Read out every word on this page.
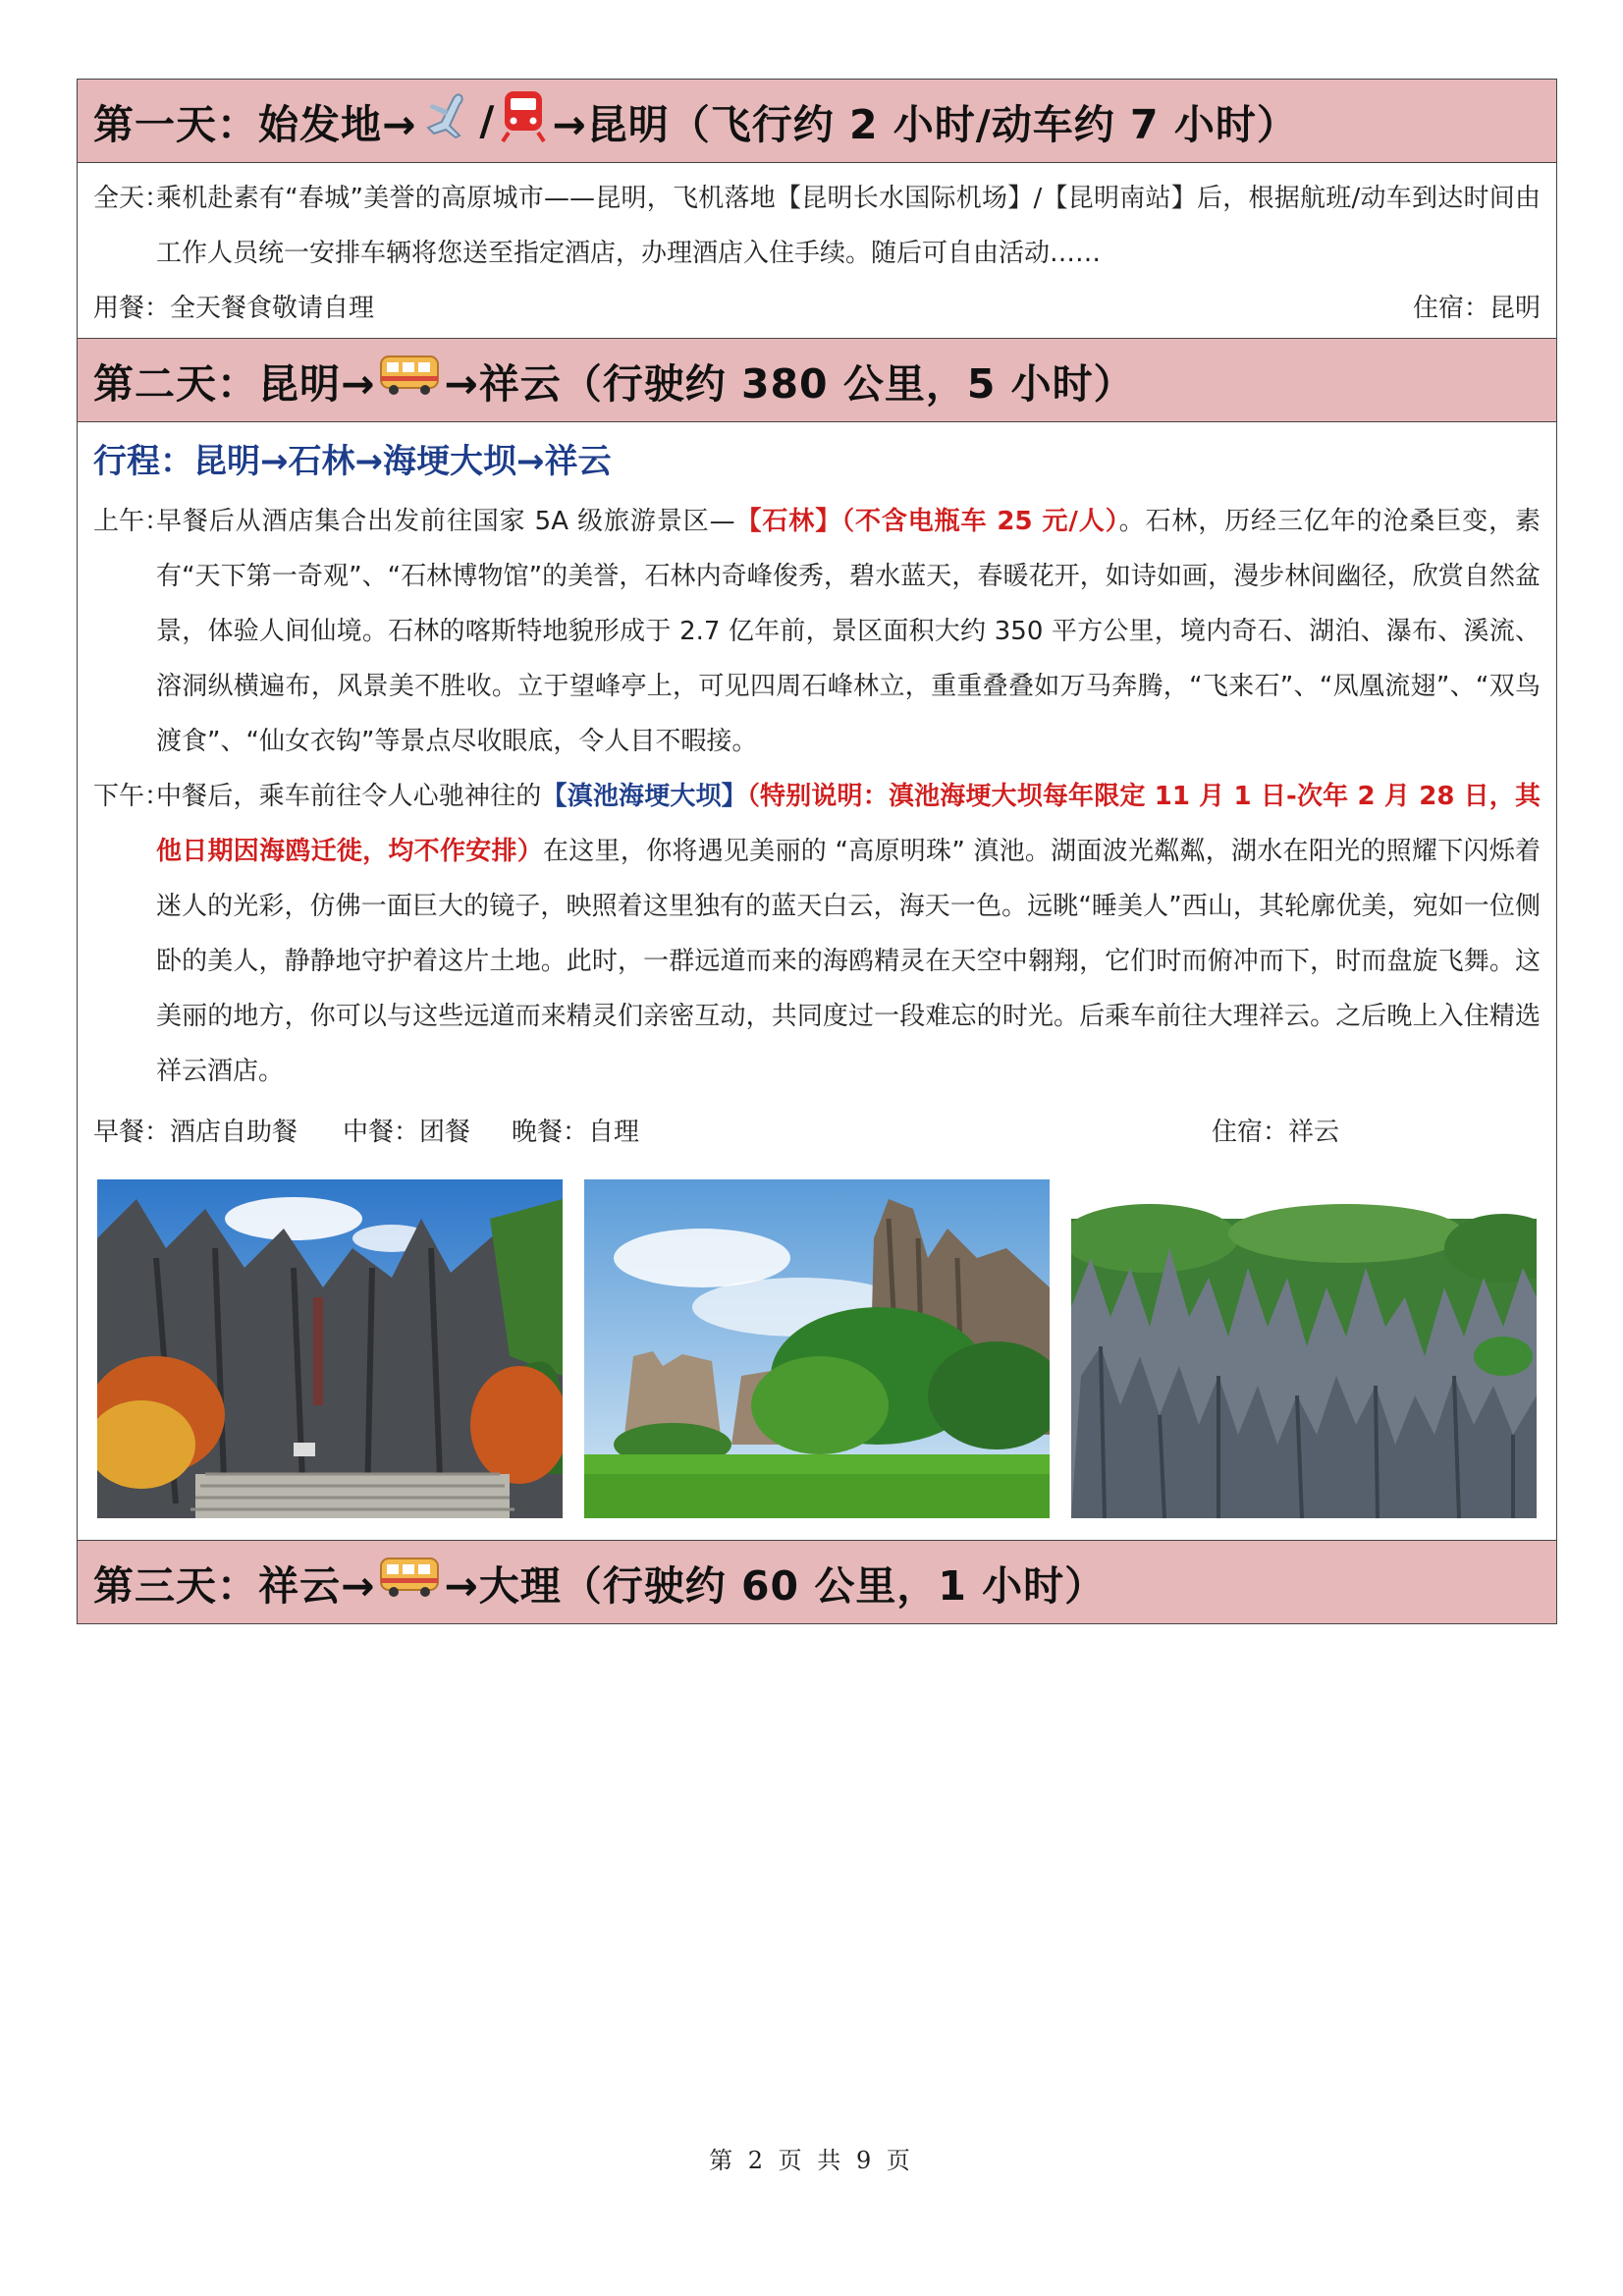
第一天：始发地→ / →昆明（飞行约 2 小时/动车约 7 小时）
全天：
乘机赴素有“春城”美誉的高原城市——昆明，飞机落地【昆明长水国际机场】/【昆明南站】后，根据航班/动车到达时间由工作人员统一安排车辆将您送至指定酒店，办理酒店入住手续。随后可自由活动……
用餐：全天餐食敬请自理	住宿：昆明
第二天：昆明→ →祥云（行驶约 380 公里，5 小时）
行程：昆明→石林→海埂大坝→祥云
上午：
早餐后从酒店集合出发前往国家 5A 级旅游景区—【石林】（不含电瓶车 25 元/人）。石林，历经三亿年的沧桑巨变，素有“天下第一奇观”、“石林博物馆”的美誉，石林内奇峰俊秀，碧水蓝天，春暖花开，如诗如画，漫步林间幽径，欣赏自然盆景，体验人间仙境。石林的喀斯特地貌形成于 2.7 亿年前，景区面积大约 350 平方公里，境内奇石、湖泊、瀑布、溪流、溶洞纵横遍布，风景美不胜收。立于望峰亭上，可见四周石峰林立，重重叠叠如万马奔腾，“飞来石”、“凤凰流翅”、“双鸟渡食”、“仙女衣钩”等景点尽收眼底，令人目不暇接。
下午：
中餐后，乘车前往令人心驰神往的【滇池海埂大坝】（特别说明：滇池海埂大坝每年限定 11 月 1 日-次年 2 月 28 日，其他日期因海鸥迁徙，均不作安排）在这里，你将遇见美丽的 “高原明珠” 滇池。湖面波光粼粼，湖水在阳光的照耀下闪烁着迷人的光彩，仿佛一面巨大的镜子，映照着这里独有的蓝天白云，海天一色。远眺“睡美人”西山，其轮廓优美，宛如一位侧卧的美人，静静地守护着这片土地。此时，一群远道而来的海鸥精灵在天空中翱翔，它们时而俯冲而下，时而盘旋飞舞。这美丽的地方，你可以与这些远道而来精灵们亲密互动，共同度过一段难忘的时光。后乘车前往大理祥云。之后晚上入住精选祥云酒店。
早餐：酒店自助餐 中餐：团餐 晚餐：自理	住宿：祥云
第三天：祥云→ →大理（行驶约 60 公里，1 小时）
第 2 页 共 9 页
